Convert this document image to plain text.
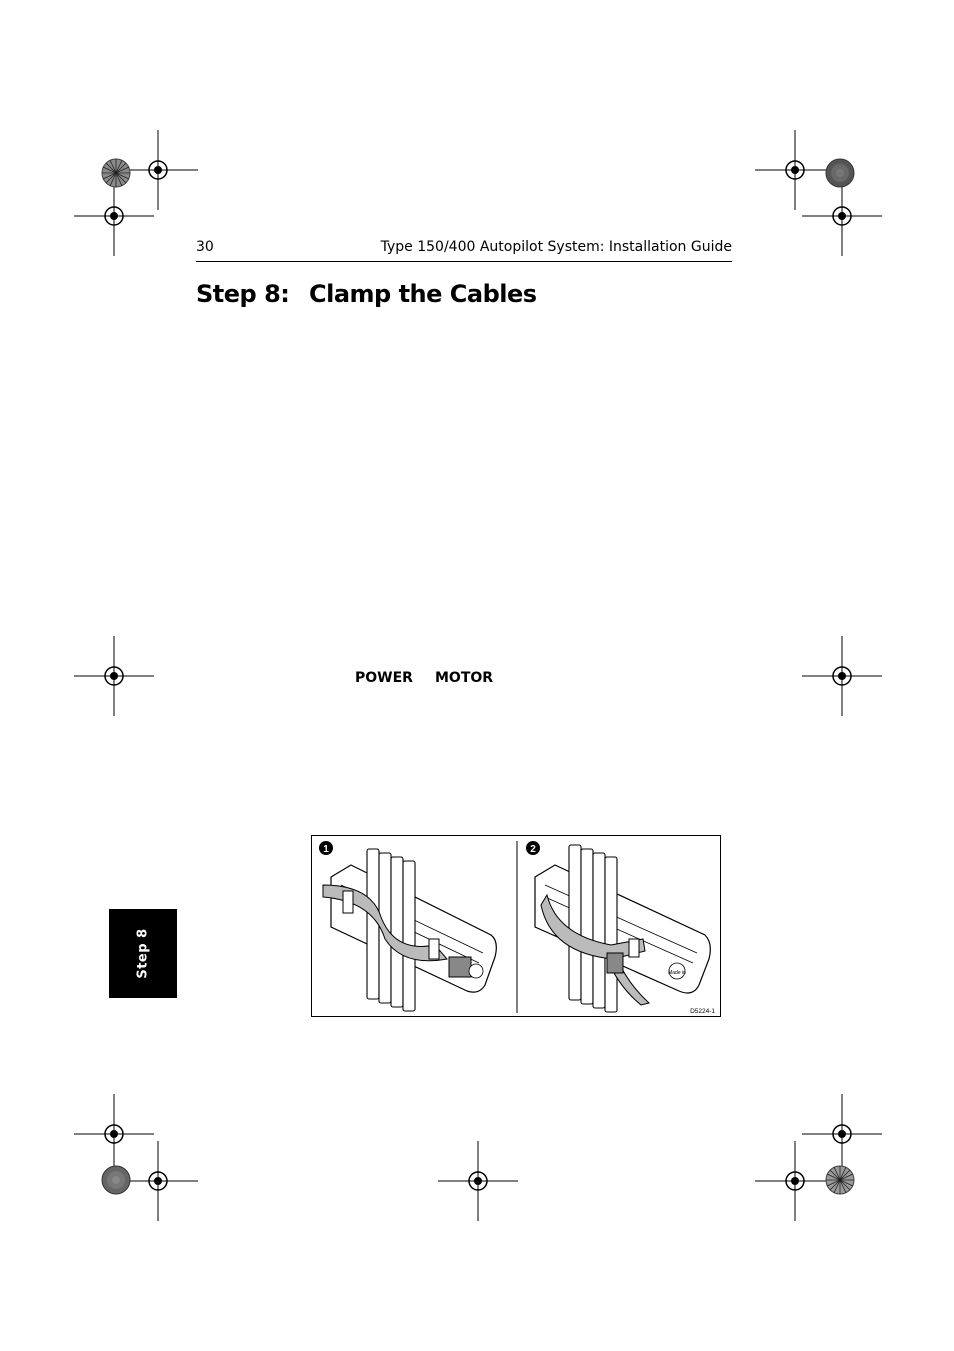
30	Type 150/400 Autopilot System: Installation Guide
Step 8: Clamp the Cables
POWER MOTOR
Step 8
1	2
Made in
D5224-1
